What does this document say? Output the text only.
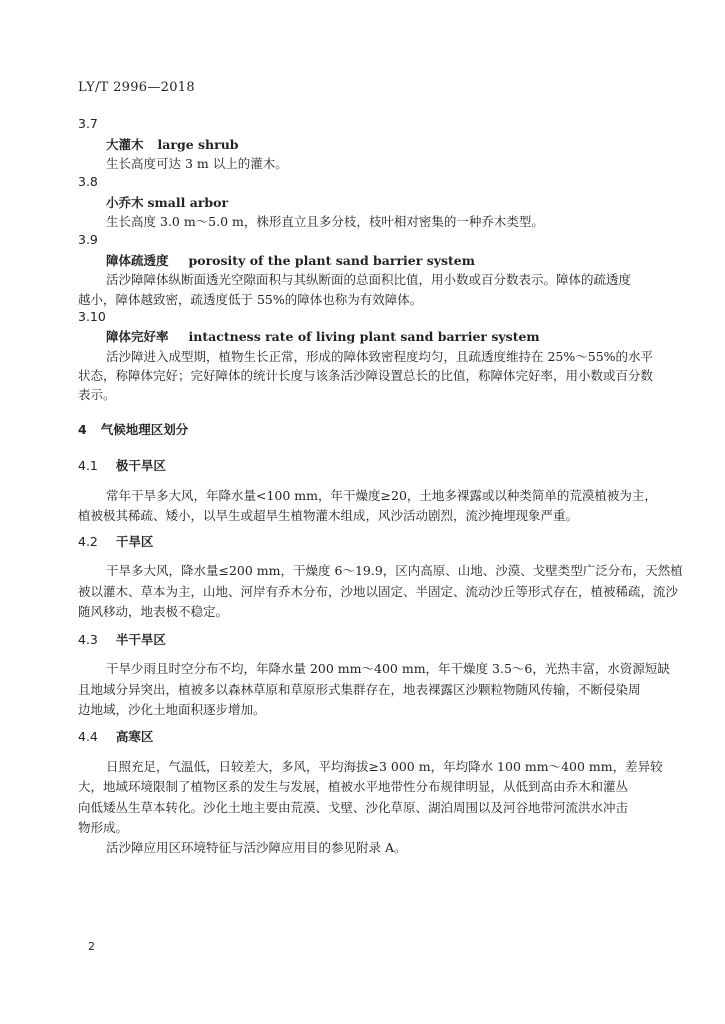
LY/T 2996—2018
3.7
大灌木 large shrub
生长高度可达 3 m 以上的灌木。
3.8
小乔木 small arbor
生长高度 3.0 m～5.0 m，株形直立且多分枝，枝叶相对密集的一种乔木类型。
3.9
障体疏透度 porosity of the plant sand barrier system
活沙障障体纵断面透光空隙面积与其纵断面的总面积比值，用小数或百分数表示。障体的疏透度
越小，障体越致密，疏透度低于 55%的障体也称为有效障体。
3.10
障体完好率 intactness rate of living plant sand barrier system
活沙障进入成型期，植物生长正常，形成的障体致密程度均匀，且疏透度维持在 25%～55%的水平
状态，称障体完好；完好障体的统计长度与该条活沙障设置总长的比值，称障体完好率，用小数或百分数
表示。
4 气候地理区划分
4.1 极干旱区
常年干旱多大风，年降水量<100 mm，年干燥度≥20，土地多裸露或以种类简单的荒漠植被为主，
植被极其稀疏、矮小，以旱生或超旱生植物灌木组成，风沙活动剧烈，流沙掩埋现象严重。
4.2 干旱区
干旱多大风，降水量≤200 mm，干燥度 6～19.9，区内高原、山地、沙漠、戈壁类型广泛分布，天然植
被以灌木、草本为主，山地、河岸有乔木分布，沙地以固定、半固定、流动沙丘等形式存在，植被稀疏，流沙
随风移动，地表极不稳定。
4.3 半干旱区
干旱少雨且时空分布不均，年降水量 200 mm～400 mm，年干燥度 3.5～6，光热丰富，水资源短缺
且地域分异突出，植被多以森林草原和草原形式集群存在，地表裸露区沙颗粒物随风传输，不断侵染周
边地域，沙化土地面积逐步增加。
4.4 高寒区
日照充足，气温低，日较差大，多风，平均海拔≥3 000 m，年均降水 100 mm～400 mm，差异较
大，地域环境限制了植物区系的发生与发展，植被水平地带性分布规律明显，从低到高由乔木和灌丛
向低矮丛生草本转化。沙化土地主要由荒漠、戈壁、沙化草原、湖泊周围以及河谷地带河流洪水冲击
物形成。
活沙障应用区环境特征与活沙障应用目的参见附录 A。
2
